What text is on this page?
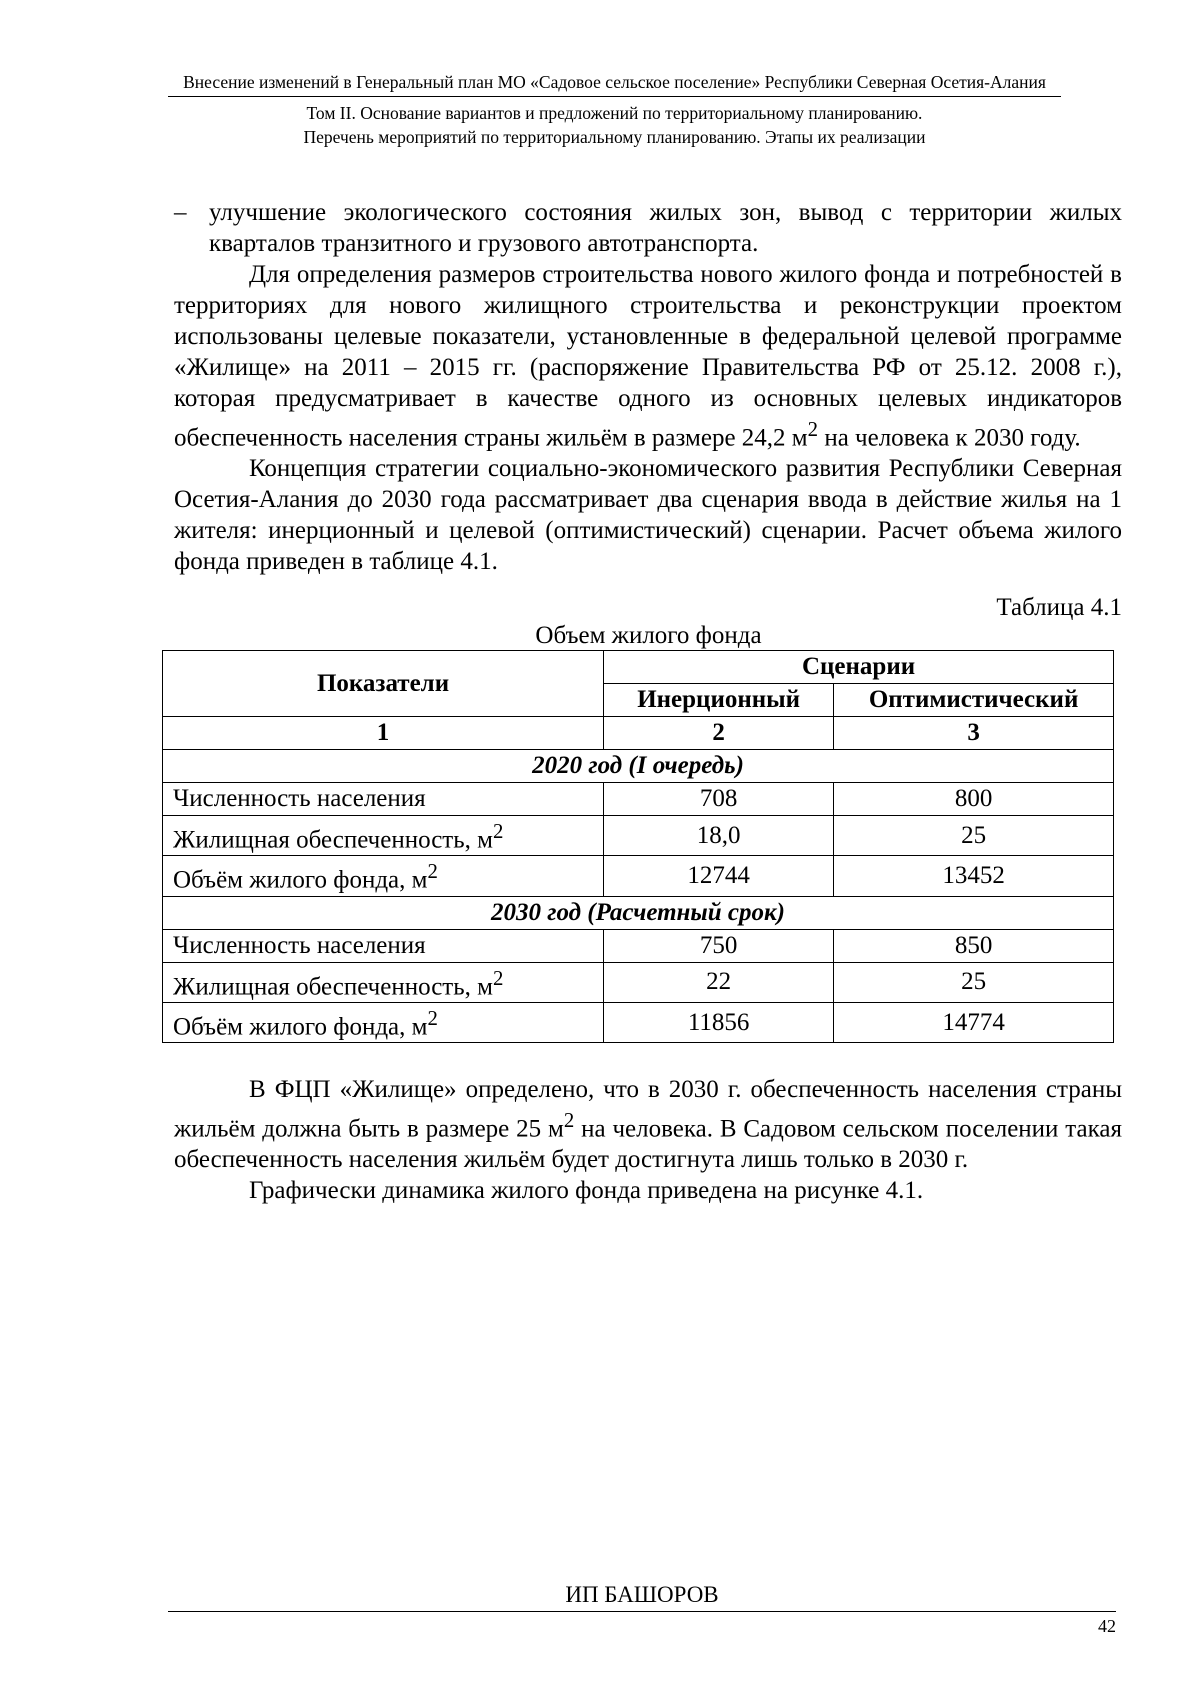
Внесение изменений в Генеральный план МО «Садовое сельское поселение» Республики Северная Осетия-Алания
Том II. Основание вариантов и предложений по территориальному планированию.
Перечень мероприятий по территориальному планированию. Этапы их реализации
– улучшение экологического состояния жилых зон, вывод с территории жилых кварталов транзитного и грузового автотранспорта.

Для определения размеров строительства нового жилого фонда и потребностей в территориях для нового жилищного строительства и реконструкции проектом использованы целевые показатели, установленные в федеральной целевой программе «Жилище» на 2011 – 2015 гг. (распоряжение Правительства РФ от 25.12. 2008 г.), которая предусматривает в качестве одного из основных целевых индикаторов обеспеченность населения страны жильём в размере 24,2 $м^2$ на человека к 2030 году.

Концепция стратегии социально-экономического развития Республики Северная Осетия-Алания до 2030 года рассматривает два сценария ввода в действие жилья на 1 жителя: инерционный и целевой (оптимистический) сценарии. Расчет объема жилого фонда приведен в таблице 4.1.

Таблица 4.1
Объем жилого фонда
Показатели	Сценарии	
	Инерционный	Оптимистический
1	2	3
2020 год (I очередь)		
Численность населения	708	800
Жилищная обеспеченность, $м^2$	18,0	25
Объём жилого фонда, $м^2$	12744	13452
2030 год (Расчетный срок)		
Численность населения	750	850
Жилищная обеспеченность, $м^2$	22	25
Объём жилого фонда, $м^2$	11856	14774

В ФЦП «Жилище» определено, что в 2030 г. обеспеченность населения страны жильём должна быть в размере 25 $м^2$ на человека. В Садовом сельском поселении такая обеспеченность населения жильём будет достигнута лишь только в 2030 г.

Графически динамика жилого фонда приведена на рисунке 4.1.

ИП БАШОРОВ
42
